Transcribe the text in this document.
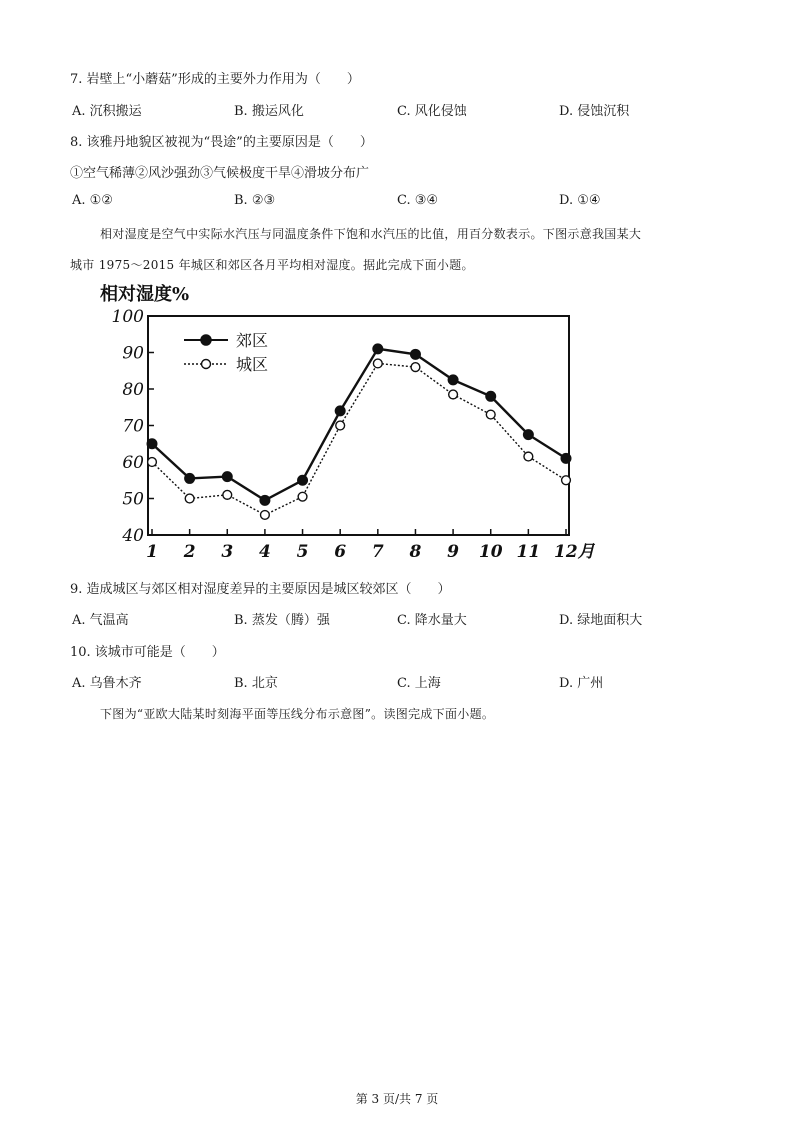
7. 岩壁上“小蘑菇”形成的主要外力作用为（　　）
A. 沉积搬运	B. 搬运风化	C. 风化侵蚀	D. 侵蚀沉积
8. 该雅丹地貌区被视为“畏途”的主要原因是（　　）
①空气稀薄②风沙强劲③气候极度干旱④滑坡分布广
A. ①②	B. ②③	C. ③④	D. ①④
相对湿度是空气中实际水汽压与同温度条件下饱和水汽压的比值，用百分数表示。下图示意我国某大
城市 1975～2015 年城区和郊区各月平均相对湿度。据此完成下面小题。
相对湿度%
40
50
60
70
80
90
100
1 2 3 4 5 6 7 8 9 10 11 12月
郊区
城区
9. 造成城区与郊区相对湿度差异的主要原因是城区较郊区（　　）
A. 气温高	B. 蒸发（腾）强	C. 降水量大	D. 绿地面积大
10. 该城市可能是（　　）
A. 乌鲁木齐	B. 北京	C. 上海	D. 广州
下图为“亚欧大陆某时刻海平面等压线分布示意图”。读图完成下面小题。
第 3 页/共 7 页
